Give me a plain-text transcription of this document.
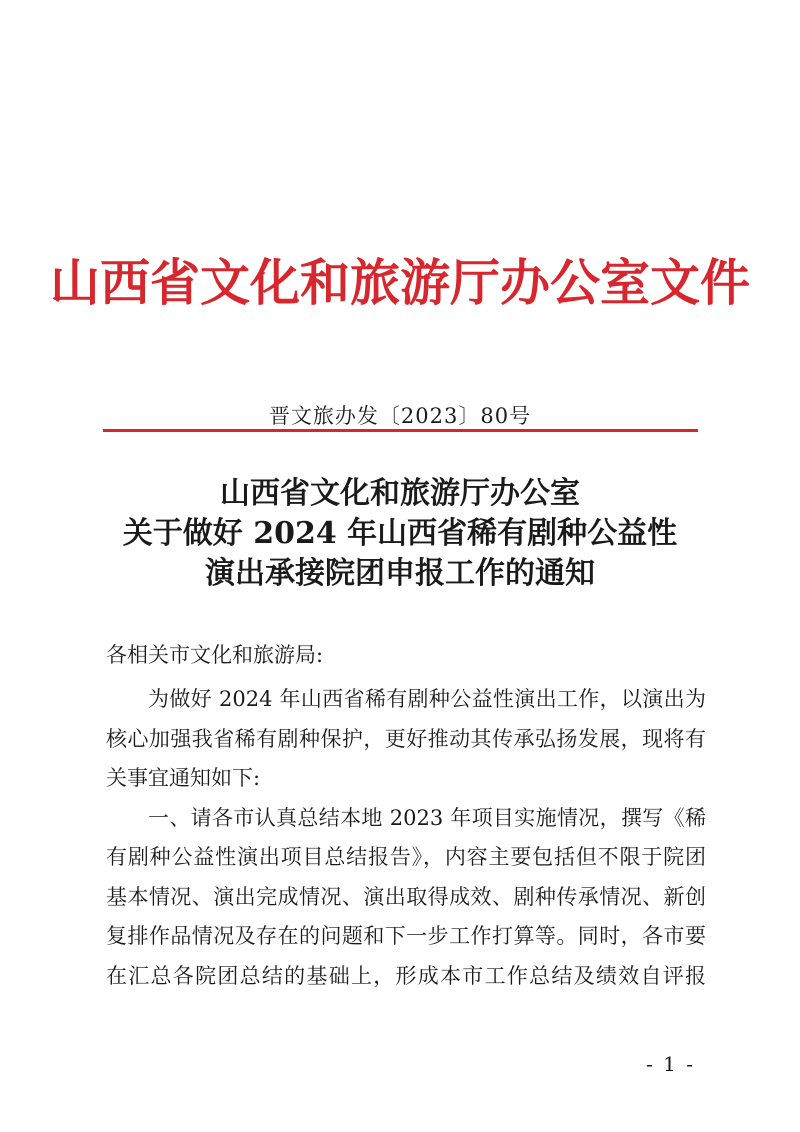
山西省文化和旅游厅办公室文件
晋文旅办发〔2023〕80号
山西省文化和旅游厅办公室
关于做好 2024 年山西省稀有剧种公益性
演出承接院团申报工作的通知
各相关市文化和旅游局:
为做好 2024 年山西省稀有剧种公益性演出工作，以演出为
核心加强我省稀有剧种保护，更好推动其传承弘扬发展，现将有
关事宜通知如下:
一、请各市认真总结本地 2023 年项目实施情况，撰写《稀
有剧种公益性演出项目总结报告》，内容主要包括但不限于院团
基本情况、演出完成情况、演出取得成效、剧种传承情况、新创
复排作品情况及存在的问题和下一步工作打算等。同时，各市要
在汇总各院团总结的基础上，形成本市工作总结及绩效自评报
- 1 -
